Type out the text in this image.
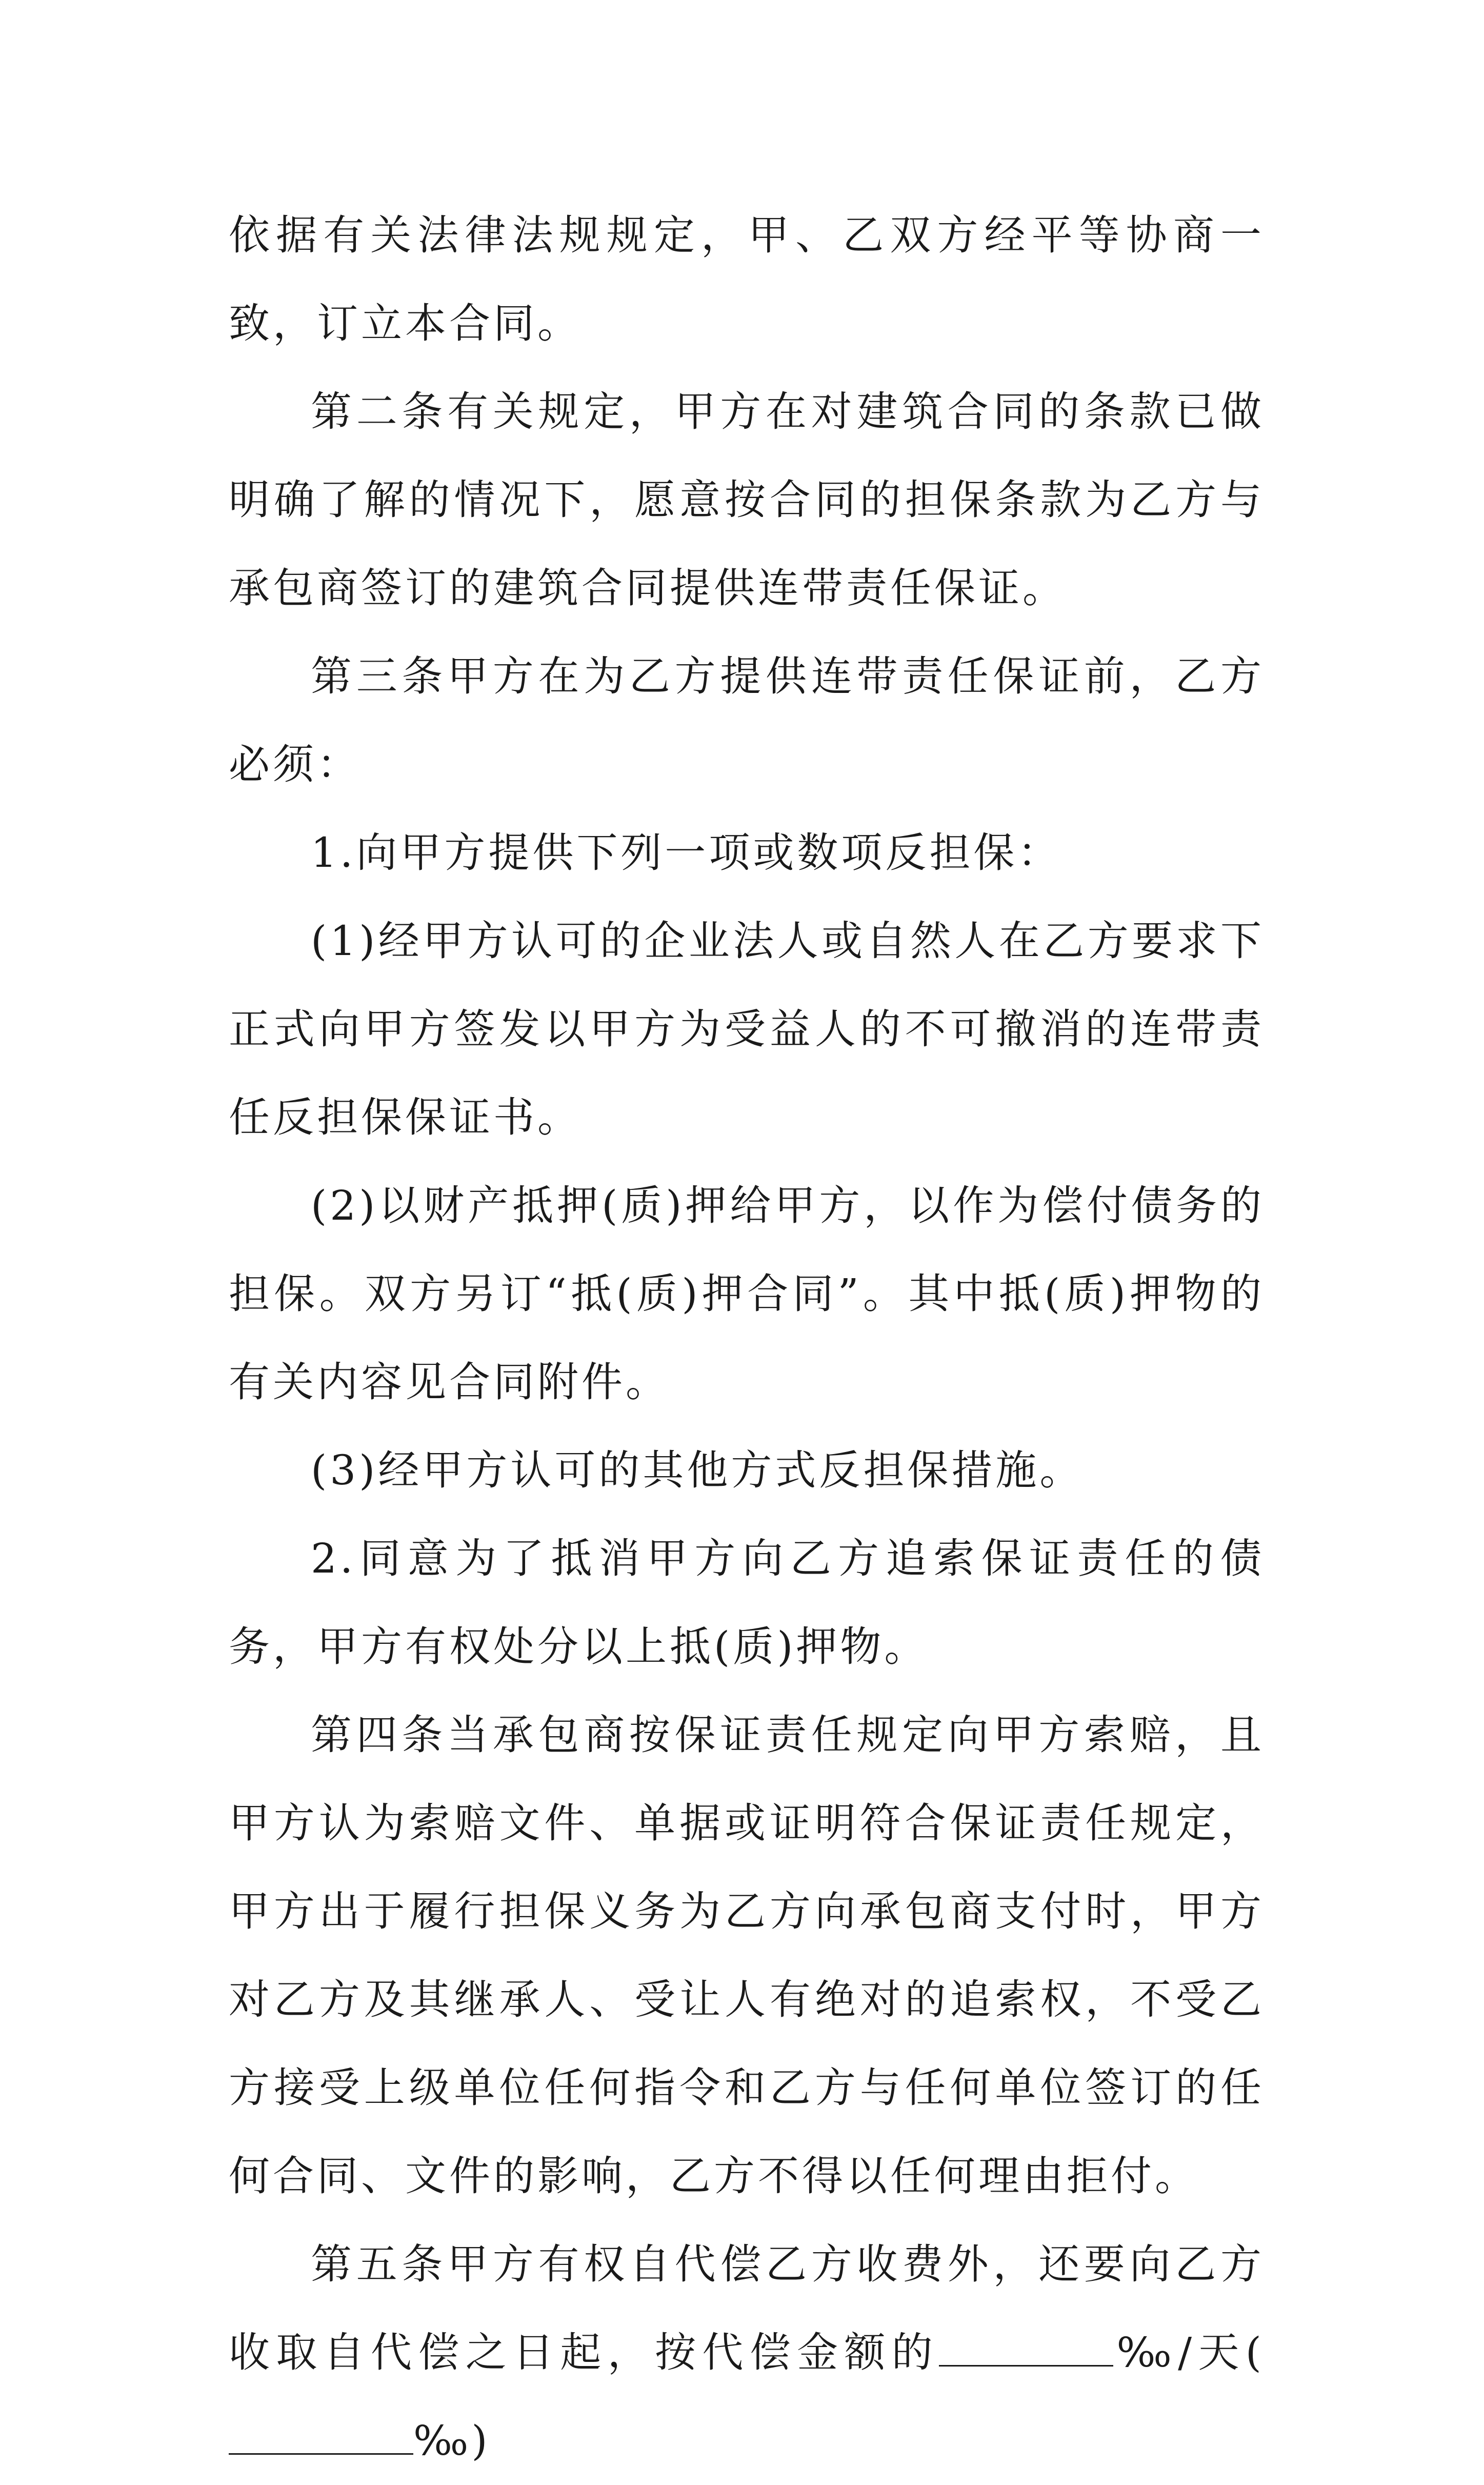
依据有关法律法规规定，甲、乙双方经平等协商一致，订立本合同。

第二条有关规定，甲方在对建筑合同的条款已做明确了解的情况下，愿意按合同的担保条款为乙方与承包商签订的建筑合同提供连带责任保证。

第三条甲方在为乙方提供连带责任保证前，乙方必须：

1.向甲方提供下列一项或数项反担保：

(1)经甲方认可的企业法人或自然人在乙方要求下正式向甲方签发以甲方为受益人的不可撤消的连带责任反担保保证书。

(2)以财产抵押(质)押给甲方，以作为偿付债务的担保。双方另订“抵(质)押合同”。其中抵(质)押物的有关内容见合同附件。

(3)经甲方认可的其他方式反担保措施。

2.同意为了抵消甲方向乙方追索保证责任的债务，甲方有权处分以上抵(质)押物。

第四条当承包商按保证责任规定向甲方索赔，且甲方认为索赔文件、单据或证明符合保证责任规定，甲方出于履行担保义务为乙方向承包商支付时，甲方对乙方及其继承人、受让人有绝对的追索权，不受乙方接受上级单位任何指令和乙方与任何单位签订的任何合同、文件的影响，乙方不得以任何理由拒付。

第五条甲方有权自代偿乙方收费外，还要向乙方收取自代偿之日起，按代偿金额的	‰/天(‰)
